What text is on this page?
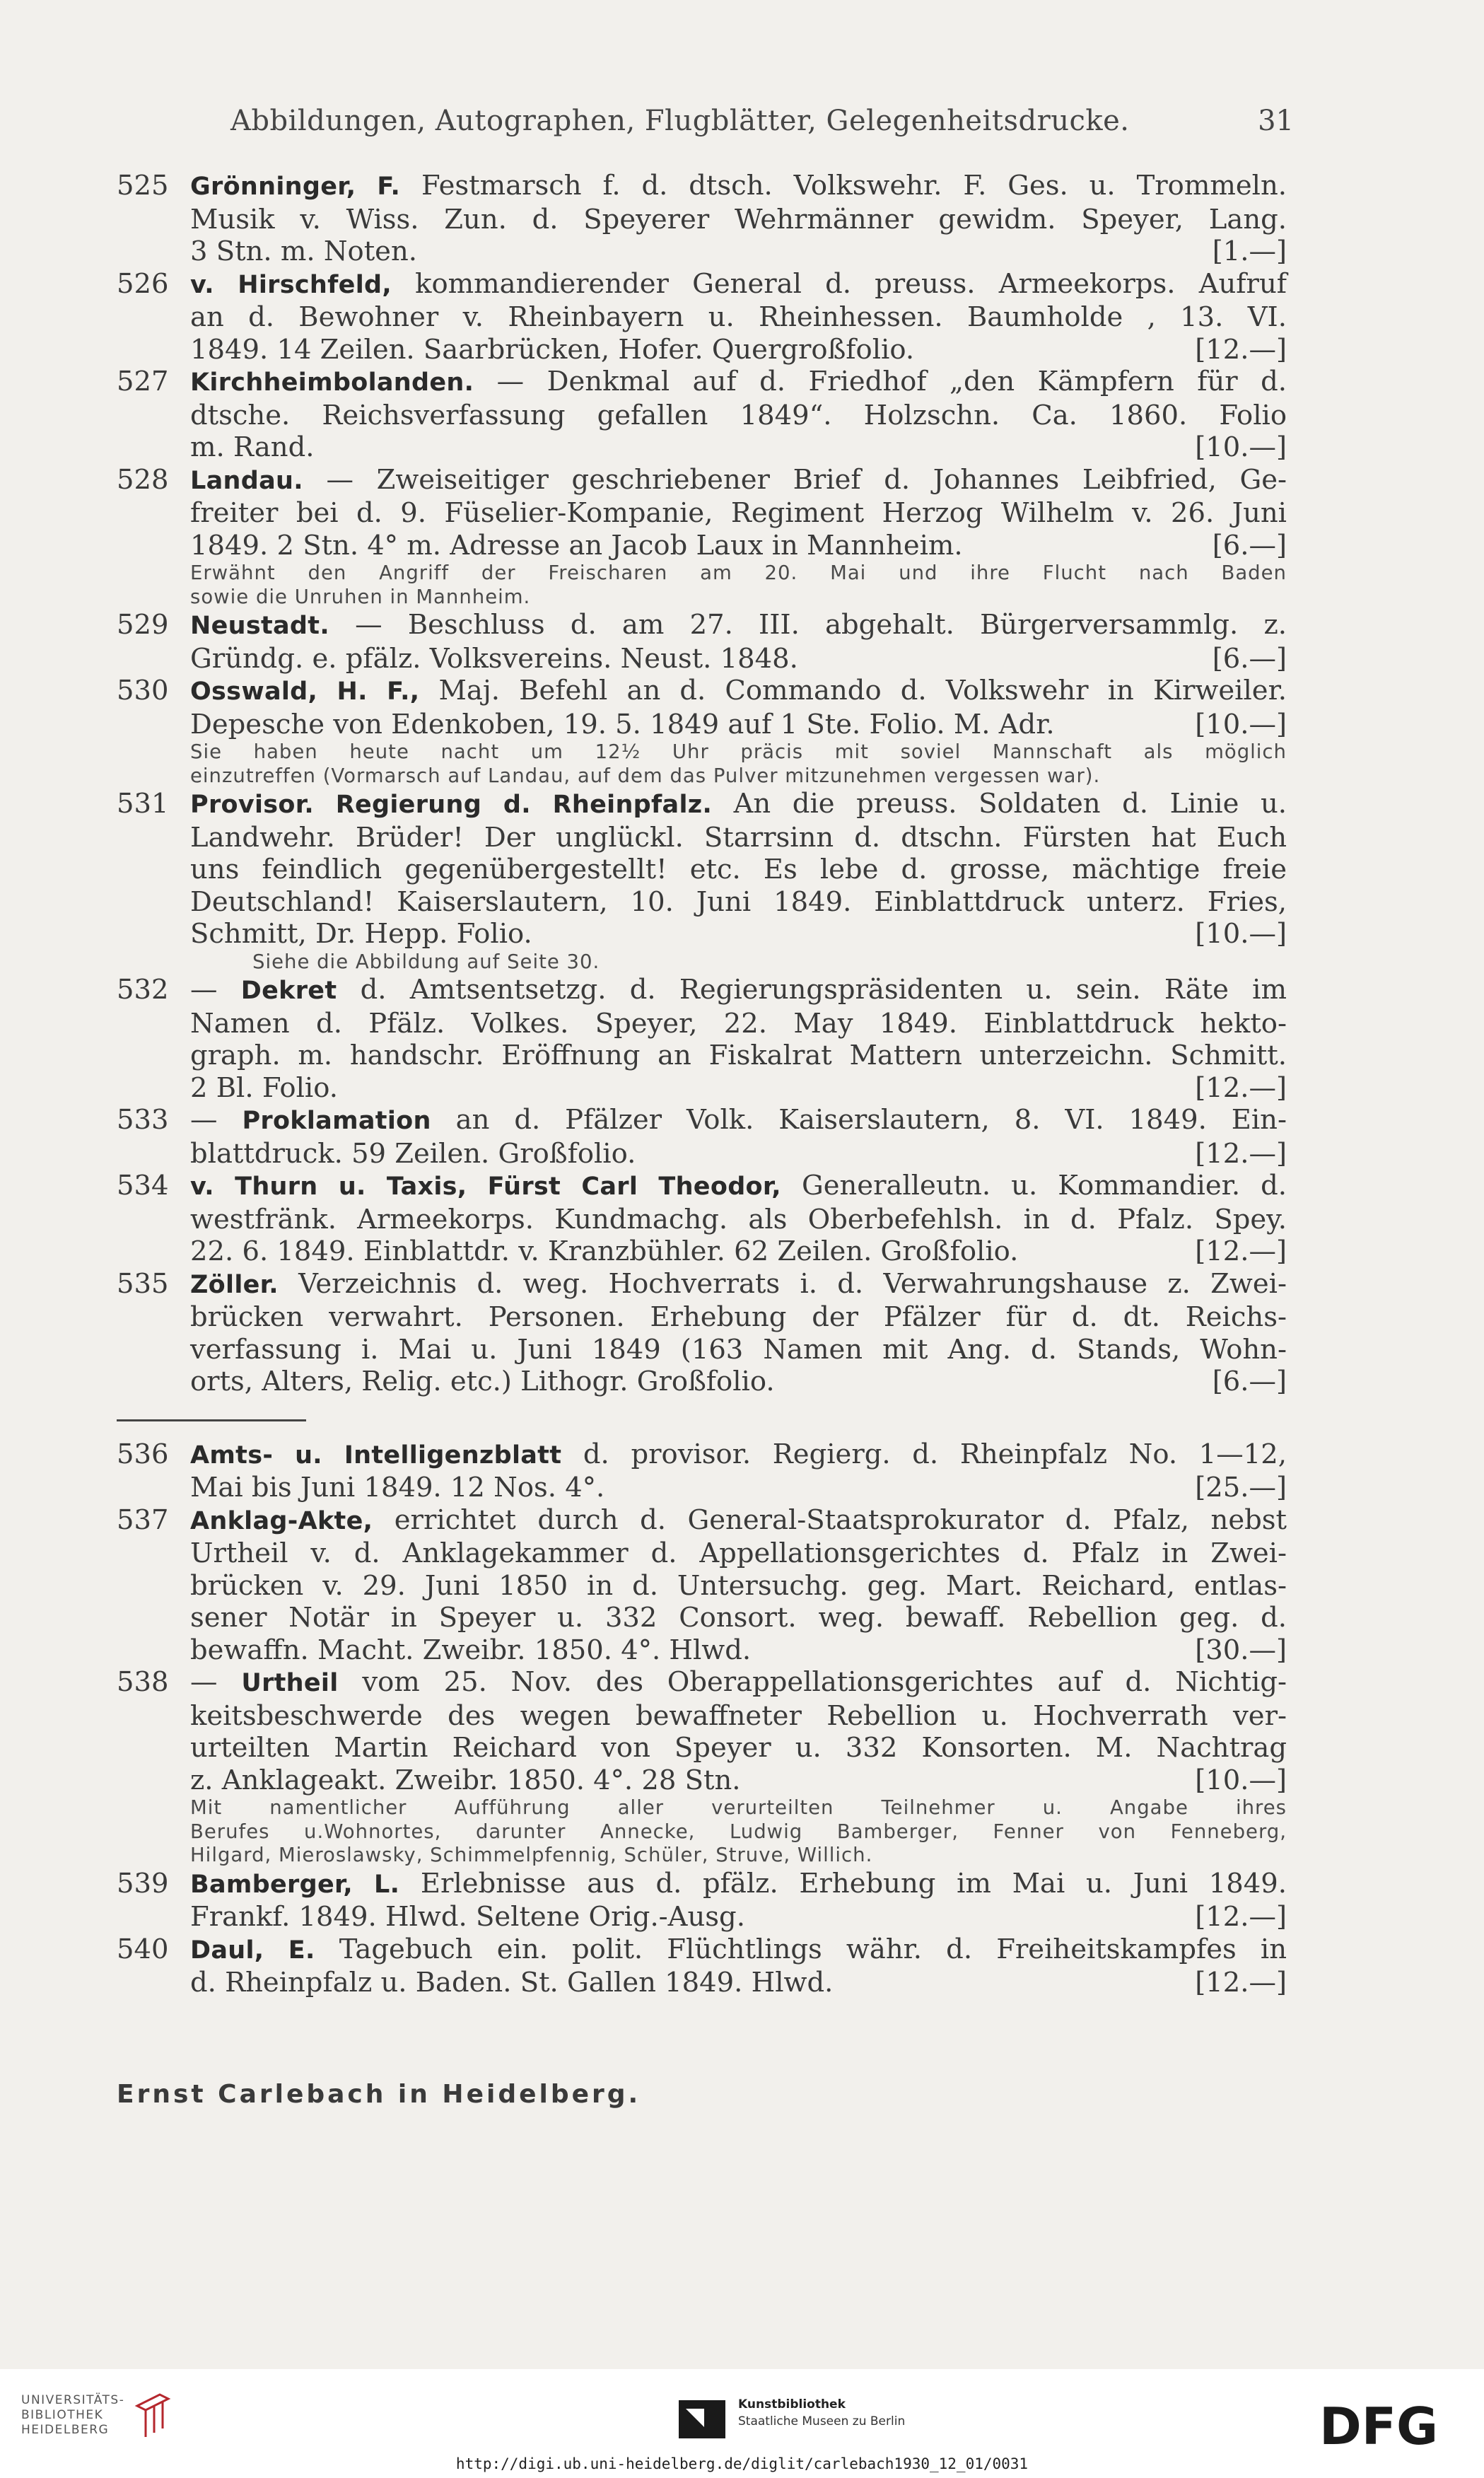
Abbildungen, Autographen, Flugblätter, Gelegenheitsdrucke.	31
525 Grönninger, F. Festmarsch f. d. dtsch. Volkswehr. F. Ges. u. Trommeln.
Musik v. Wiss. Zun. d. Speyerer Wehrmänner gewidm. Speyer, Lang.
3 Stn. m. Noten.	[1.—]
526 v. Hirschfeld, kommandierender General d. preuss. Armeekorps. Aufruf
an d. Bewohner v. Rheinbayern u. Rheinhessen. Baumholde , 13. VI.
1849. 14 Zeilen. Saarbrücken, Hofer. Quergroßfolio.	[12.—]
527 Kirchheimbolanden. — Denkmal auf d. Friedhof „den Kämpfern für d.
dtsche. Reichsverfassung gefallen 1849“. Holzschn. Ca. 1860. Folio
m. Rand.	[10.—]
528 Landau. — Zweiseitiger geschriebener Brief d. Johannes Leibfried, Ge-
freiter bei d. 9. Füselier-Kompanie, Regiment Herzog Wilhelm v. 26. Juni
1849. 2 Stn. 4° m. Adresse an Jacob Laux in Mannheim.	[6.—]
Erwähnt den Angriff der Freischaren am 20. Mai und ihre Flucht nach Baden
sowie die Unruhen in Mannheim.
529 Neustadt. — Beschluss d. am 27. III. abgehalt. Bürgerversammlg. z.
Gründg. e. pfälz. Volksvereins. Neust. 1848.	[6.—]
530 Osswald, H. F., Maj. Befehl an d. Commando d. Volkswehr in Kirweiler.
Depesche von Edenkoben, 19. 5. 1849 auf 1 Ste. Folio. M. Adr.	[10.—]
Sie haben heute nacht um 12½ Uhr präcis mit soviel Mannschaft als möglich
einzutreffen (Vormarsch auf Landau, auf dem das Pulver mitzunehmen vergessen war).
531 Provisor. Regierung d. Rheinpfalz. An die preuss. Soldaten d. Linie u.
Landwehr. Brüder! Der unglückl. Starrsinn d. dtschn. Fürsten hat Euch
uns feindlich gegenübergestellt! etc. Es lebe d. grosse, mächtige freie
Deutschland! Kaiserslautern, 10. Juni 1849. Einblattdruck unterz. Fries,
Schmitt, Dr. Hepp. Folio.	[10.—]
Siehe die Abbildung auf Seite 30.
532 — Dekret d. Amtsentsetzg. d. Regierungspräsidenten u. sein. Räte im
Namen d. Pfälz. Volkes. Speyer, 22. May 1849. Einblattdruck hekto-
graph. m. handschr. Eröffnung an Fiskalrat Mattern unterzeichn. Schmitt.
2 Bl. Folio.	[12.—]
533 — Proklamation an d. Pfälzer Volk. Kaiserslautern, 8. VI. 1849. Ein-
blattdruck. 59 Zeilen. Großfolio.	[12.—]
534 v. Thurn u. Taxis, Fürst Carl Theodor, Generalleutn. u. Kommandier. d.
westfränk. Armeekorps. Kundmachg. als Oberbefehlsh. in d. Pfalz. Spey.
22. 6. 1849. Einblattdr. v. Kranzbühler. 62 Zeilen. Großfolio.	[12.—]
535 Zöller. Verzeichnis d. weg. Hochverrats i. d. Verwahrungshause z. Zwei-
brücken verwahrt. Personen. Erhebung der Pfälzer für d. dt. Reichs-
verfassung i. Mai u. Juni 1849 (163 Namen mit Ang. d. Stands, Wohn-
orts, Alters, Relig. etc.) Lithogr. Großfolio.	[6.—]
536 Amts- u. Intelligenzblatt d. provisor. Regierg. d. Rheinpfalz No. 1—12,
Mai bis Juni 1849. 12 Nos. 4°.	[25.—]
537 Anklag-Akte, errichtet durch d. General-Staatsprokurator d. Pfalz, nebst
Urtheil v. d. Anklagekammer d. Appellationsgerichtes d. Pfalz in Zwei-
brücken v. 29. Juni 1850 in d. Untersuchg. geg. Mart. Reichard, entlas-
sener Notär in Speyer u. 332 Consort. weg. bewaff. Rebellion geg. d.
bewaffn. Macht. Zweibr. 1850. 4°. Hlwd.	[30.—]
538 — Urtheil vom 25. Nov. des Oberappellationsgerichtes auf d. Nichtig-
keitsbeschwerde des wegen bewaffneter Rebellion u. Hochverrath ver-
urteilten Martin Reichard von Speyer u. 332 Konsorten. M. Nachtrag
z. Anklageakt. Zweibr. 1850. 4°. 28 Stn.	[10.—]
Mit namentlicher Aufführung aller verurteilten Teilnehmer u. Angabe ihres
Berufes u.Wohnortes, darunter Annecke, Ludwig Bamberger, Fenner von Fenneberg,
Hilgard, Mieroslawsky, Schimmelpfennig, Schüler, Struve, Willich.
539 Bamberger, L. Erlebnisse aus d. pfälz. Erhebung im Mai u. Juni 1849.
Frankf. 1849. Hlwd. Seltene Orig.-Ausg.	[12.—]
540 Daul, E. Tagebuch ein. polit. Flüchtlings währ. d. Freiheitskampfes in
d. Rheinpfalz u. Baden. St. Gallen 1849. Hlwd.	[12.—]
Ernst Carlebach in Heidelberg.
UNIVERSITÄTS-
BIBLIOTHEK
HEIDELBERG
Kunstbibliothek
Staatliche Museen zu Berlin	DFG
http://digi.ub.uni-heidelberg.de/diglit/carlebach1930_12_01/0031
